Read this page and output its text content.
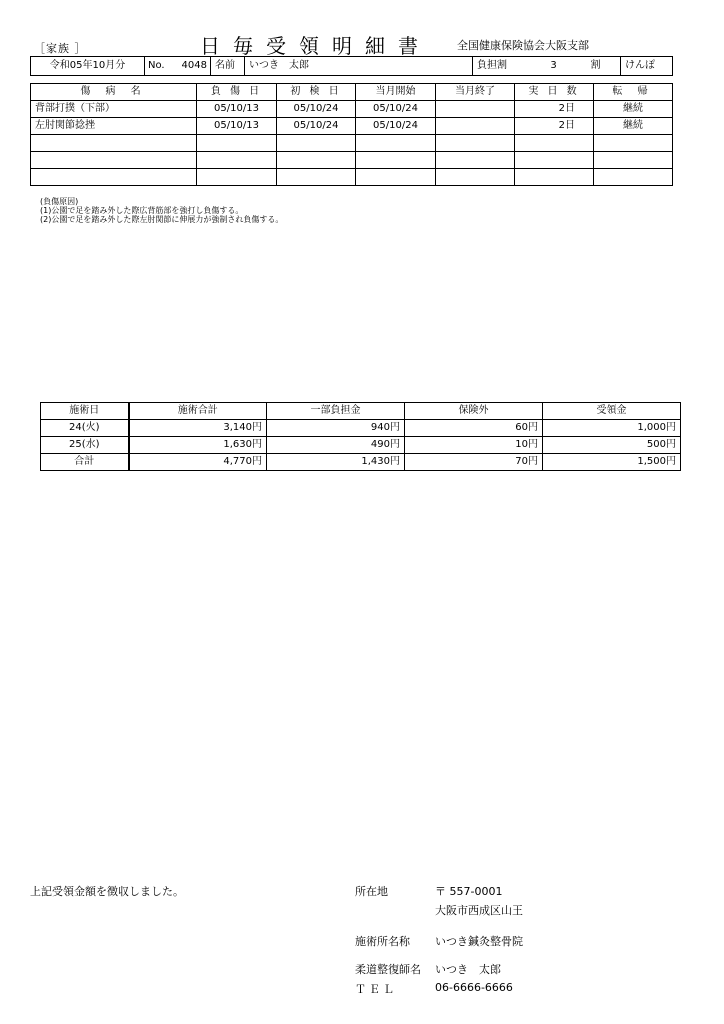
［家族 ］	日毎受領明細書 全国健康保険協会大阪支部
令和05年10月分	No. 4048	名前	いつき　太郎	負担割	3	割	けんぽ
傷 病 名	負 傷 日	初 検 日	当月開始	当月終了	実 日 数	転 帰
背部打撲（下部）	05/10/13	05/10/24	05/10/24		2日	継続
左肘関節捻挫	05/10/13	05/10/24	05/10/24		2日	継続

(負傷原因)
(1)公園で足を踏み外した際広背筋部を強打し負傷する。
(2)公園で足を踏み外した際左肘関節に伸展力が強制され負傷する。
施術日	施術合計	一部負担金	保険外	受領金
24(火)	3,140円	940円	60円	1,000円
25(水)	1,630円	490円	10円	500円
合計	4,770円	1,430円	70円	1,500円
上記受領金額を徴収しました。	所在地	〒 557-0001
大阪市西成区山王
施術所名称 いつき鍼灸整骨院
柔道整復師名 いつき　太郎
ＴＥＬ	06-6666-6666
